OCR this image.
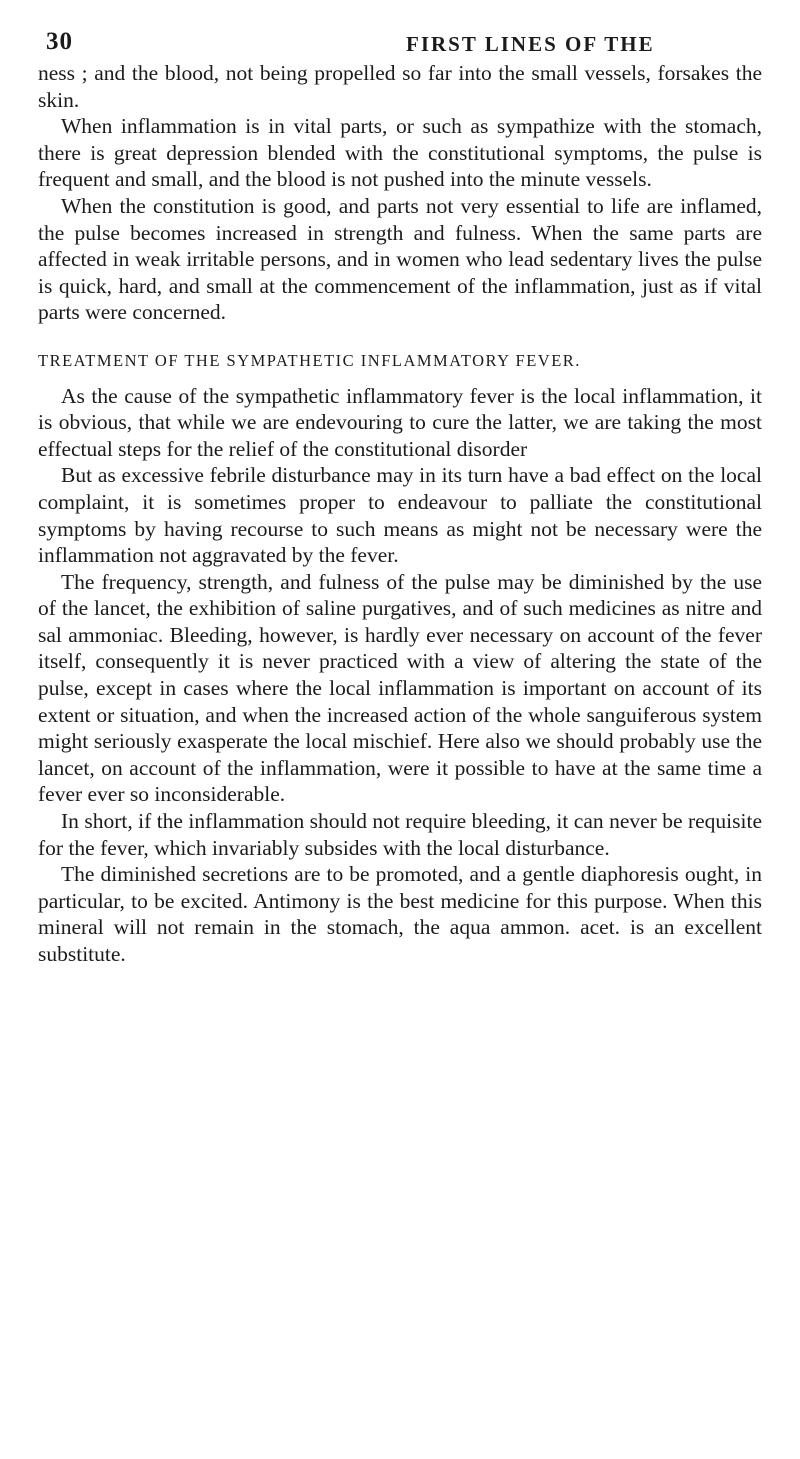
30	FIRST LINES OF THE

ness ; and the blood, not being propelled so far into the small vessels, forsakes the skin.

When inflammation is in vital parts, or such as sympathize with the stomach, there is great depression blended with the constitutional symptoms, the pulse is frequent and small, and the blood is not pushed into the minute vessels.

When the constitution is good, and parts not very essential to life are inflamed, the pulse becomes increased in strength and fulness. When the same parts are affected in weak irritable persons, and in women who lead sedentary lives the pulse is quick, hard, and small at the commencement of the inflammation, just as if vital parts were concerned.

TREATMENT OF THE SYMPATHETIC INFLAMMATORY FEVER.

As the cause of the sympathetic inflammatory fever is the local inflammation, it is obvious, that while we are endevouring to cure the latter, we are taking the most effectual steps for the relief of the constitutional disorder

But as excessive febrile disturbance may in its turn have a bad effect on the local complaint, it is sometimes proper to endeavour to palliate the constitutional symptoms by having recourse to such means as might not be necessary were the inflammation not aggravated by the fever.

The frequency, strength, and fulness of the pulse may be diminished by the use of the lancet, the exhibition of saline purgatives, and of such medicines as nitre and sal ammoniac. Bleeding, however, is hardly ever necessary on account of the fever itself, consequently it is never practiced with a view of altering the state of the pulse, except in cases where the local inflammation is important on account of its extent or situation, and when the increased action of the whole sanguiferous system might seriously exasperate the local mischief. Here also we should probably use the lancet, on account of the inflammation, were it possible to have at the same time a fever ever so inconsiderable.

In short, if the inflammation should not require bleeding, it can never be requisite for the fever, which invariably subsides with the local disturbance.

The diminished secretions are to be promoted, and a gentle diaphoresis ought, in particular, to be excited. Antimony is the best medicine for this purpose. When this mineral will not remain in the stomach, the aqua ammon. acet. is an excellent substitute.
